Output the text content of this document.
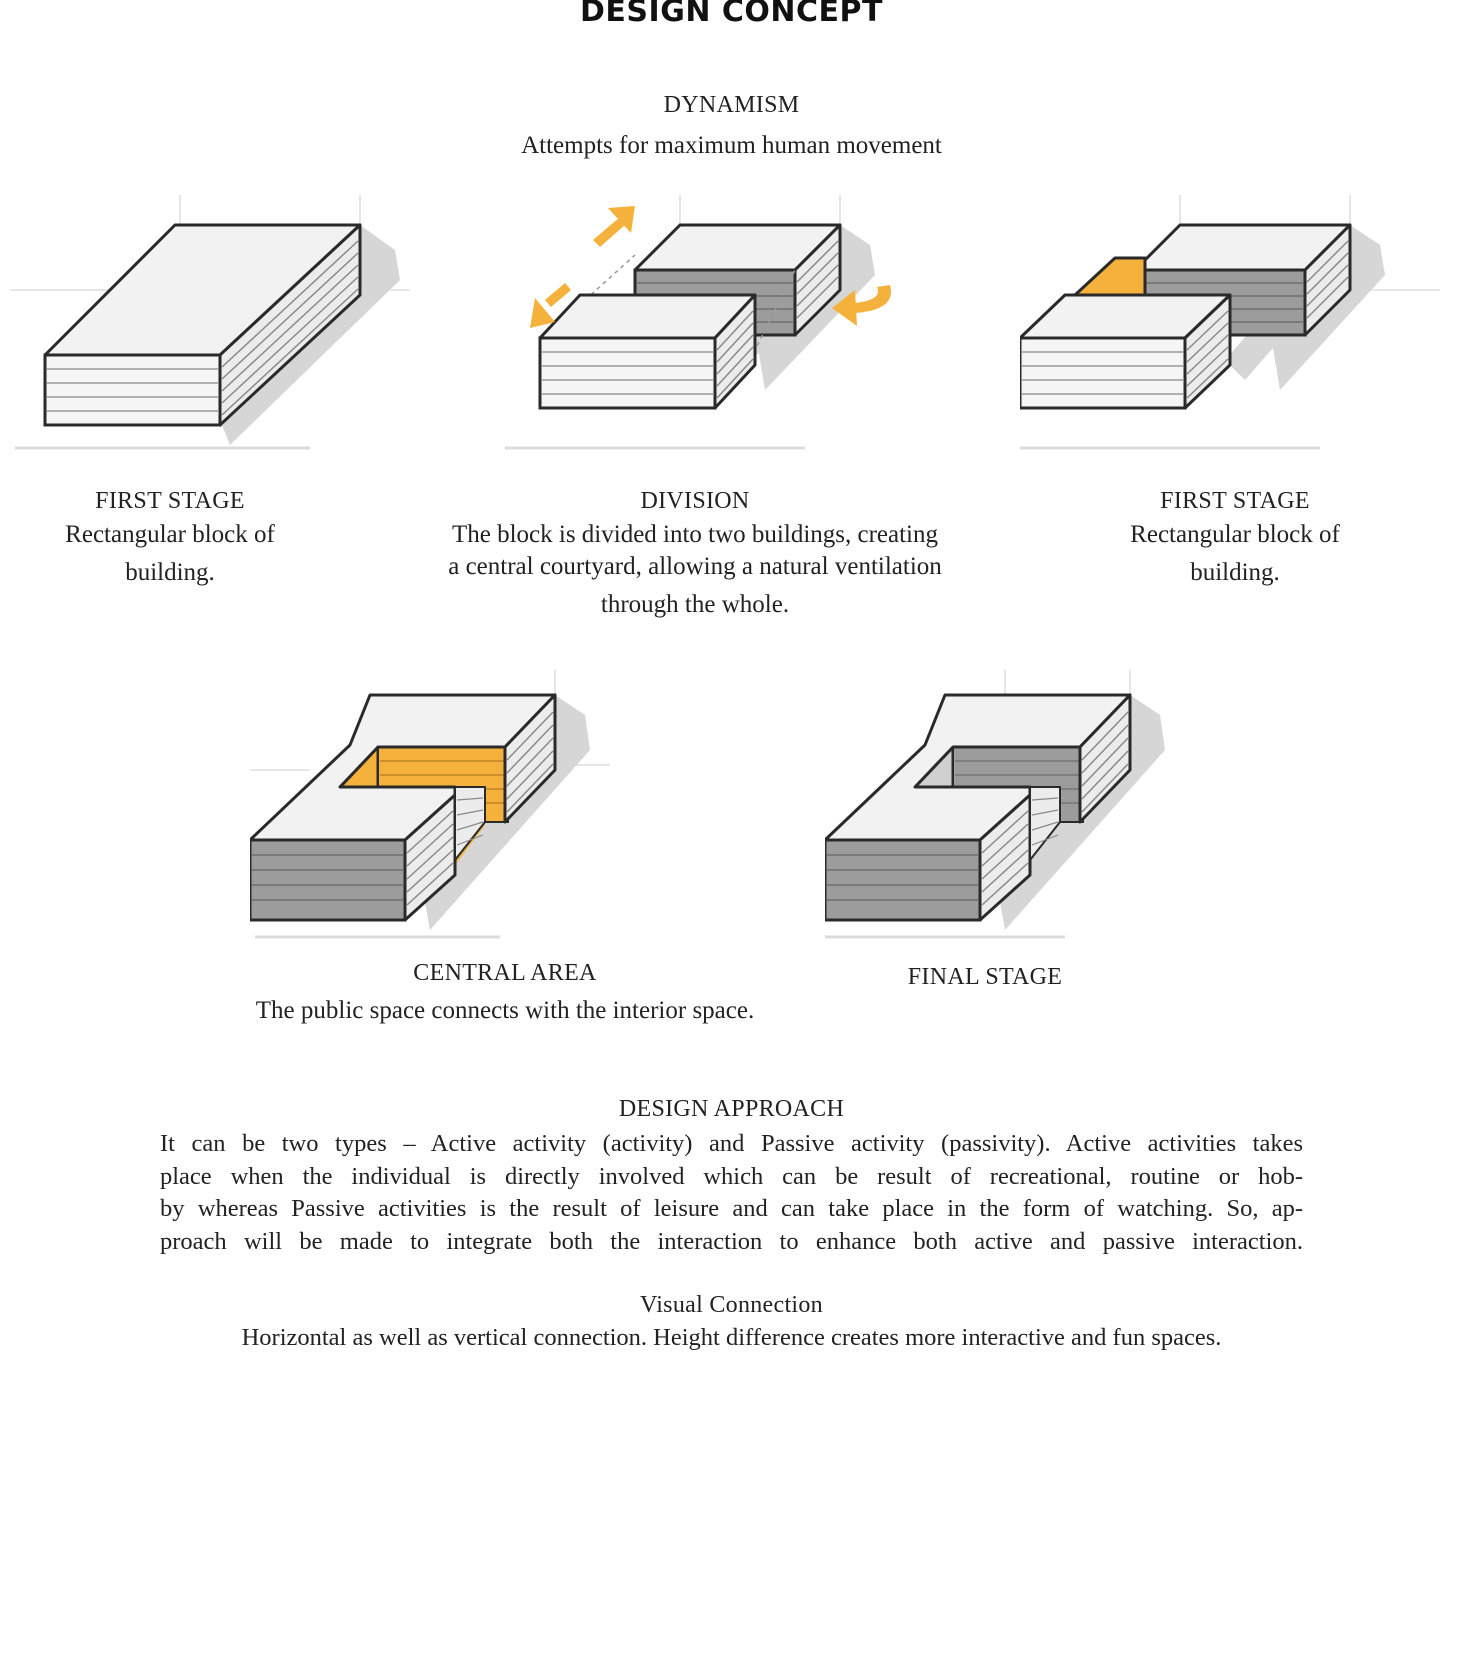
DESIGN CONCEPT
DYNAMISM
Attempts for maximum human movement
FIRST STAGE
Rectangular block of
building.
DIVISION
The block is divided into two buildings, creating
a central courtyard, allowing a natural ventilation
through the whole.
FIRST STAGE
Rectangular block of
building.
CENTRAL AREA
The public space connects with the interior space.
FINAL STAGE
DESIGN APPROACH

It can be two types – Active activity (activity) and Passive activity (passivity). Active activities takes

place when the individual is directly involved which can be result of recreational, routine or hob-

by whereas Passive activities is the result of leisure and can take place in the form of watching. So, ap-

proach will be made to integrate both the interaction to enhance both active and passive interaction.

Visual Connection
Horizontal as well as vertical connection. Height difference creates more interactive and fun spaces.
